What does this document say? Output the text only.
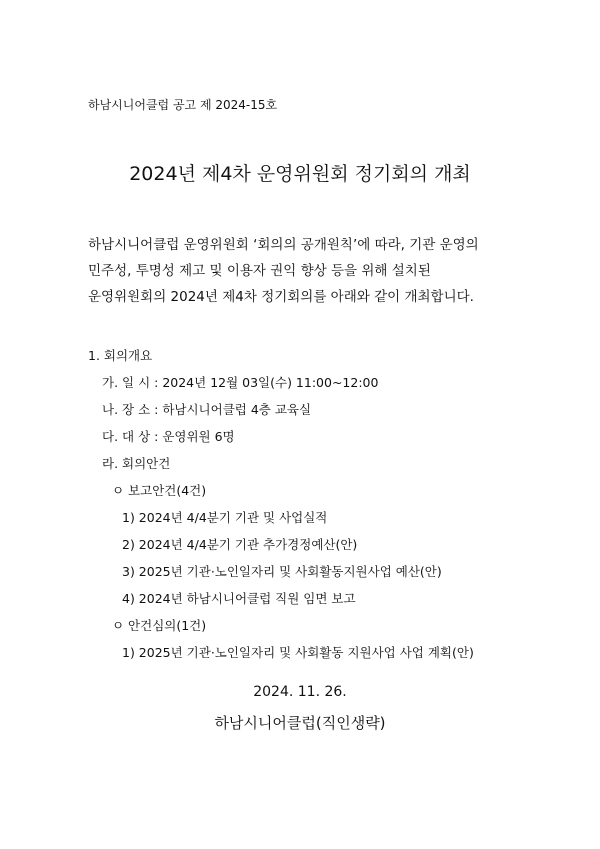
하남시니어클럽 공고 제 2024-15호
2024년 제4차 운영위원회 정기회의 개최
하남시니어클럽 운영위원회 ‘회의의 공개원칙’에 따라, 기관 운영의
민주성, 투명성 제고 및 이용자 권익 향상 등을 위해 설치된
운영위원회의 2024년 제4차 정기회의를 아래와 같이 개최합니다.
1. 회의개요
가. 일 시 : 2024년 12월 03일(수) 11:00~12:00
나. 장 소 : 하남시니어클럽 4층 교육실
다. 대 상 : 운영위원 6명
라. 회의안건
ㅇ 보고안건(4건)
1) 2024년 4/4분기 기관 및 사업실적
2) 2024년 4/4분기 기관 추가경정예산(안)
3) 2025년 기관·노인일자리 및 사회활동지원사업 예산(안)
4) 2024년 하남시니어클럽 직원 임면 보고
ㅇ 안건심의(1건)
1) 2025년 기관·노인일자리 및 사회활동 지원사업 사업 계획(안)
2024. 11. 26.
하남시니어클럽(직인생략)
